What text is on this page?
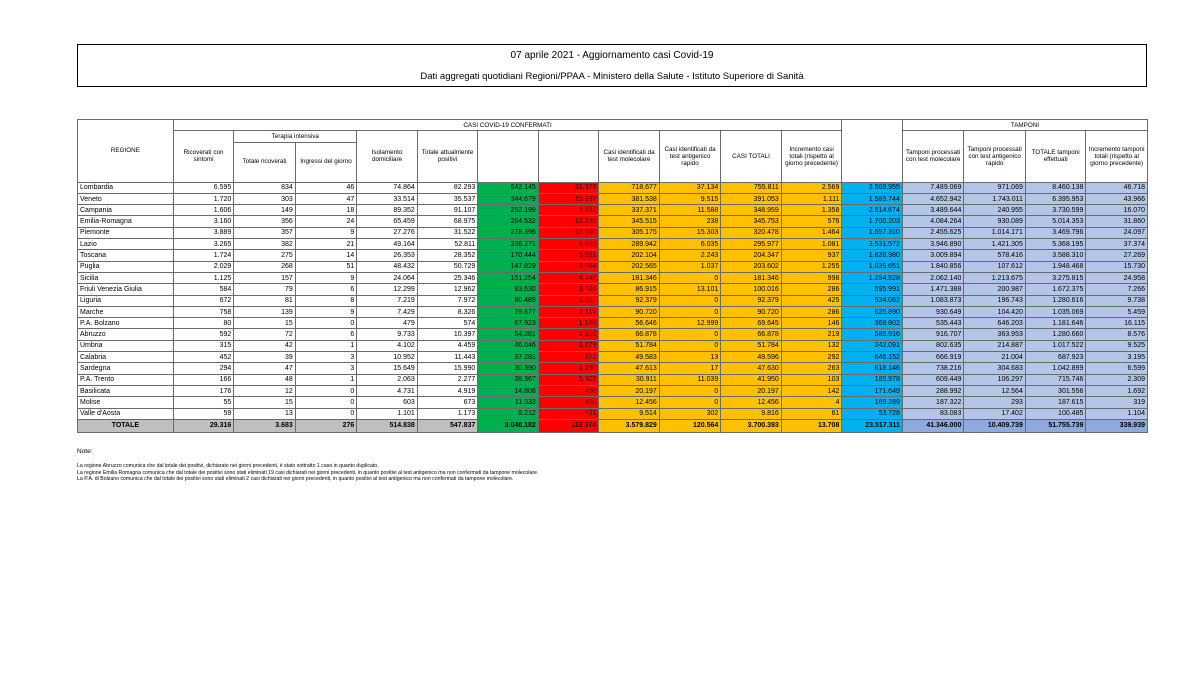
07 aprile 2021 - Aggiornamento casi Covid-19
Dati aggregati quotidiani Regioni/PPAA - Ministero della Salute - Istituto Superiore di Sanità
REGIONE	CASI COVID-19 CONFERMATI											Totale persone testate	TAMPONI			
	Ricoverati con sintomi	Terapia intensiva		Isolamento domiciliare	Totale attualmente positivi	DIMESSI GUARITI	DECEDUTI	Casi identificati da test molecolare	Casi identificati da test antigenico rapido	CASI TOTALI	Incremento casi totali (rispetto al giorno precedente)		Tamponi processati con test molecolare	Tamponi processati con test antigenico rapido	TOTALE tamponi effettuati	Incremento tamponi totali (rispetto al giorno precedente)
		Totale ricoverati	Ingressi del giorno													
Lombardia	6.595	834	46	74.864	82.293	642.145	31.373	718.677	37.134	755.811	2.569	3.568.955	7.489.069	971.069	8.460.138	46.718
Veneto	1.720	303	47	33.514	35.537	344.679	10.837	381.538	9.515	391.053	1.111	1.585.744	4.652.942	1.743.011	6.395.953	43.966
Campania	1.606	149	18	89.352	91.107	252.199	5.653	337.371	11.588	348.959	1.358	2.514.674	3.489.644	240.955	3.730.599	16.070
Emilia-Romagna	3.160	356	24	65.459	68.975	264.532	12.246	345.515	238	345.753	576	1.700.203	4.084.264	930.089	5.014.353	31.860
Piemonte	3.889	357	9	27.276	31.522	278.396	10.560	305.175	15.303	320.478	1.464	1.557.310	2.455.625	1.014.171	3.469.796	24.097
Lazio	3.265	382	21	49.164	52.811	236.271	6.895	289.942	6.035	295.977	1.081	3.531.572	3.946.890	1.421.305	5.368.195	37.374
Toscana	1.724	275	14	26.353	28.352	170.444	5.551	202.104	2.243	204.347	937	1.826.980	3.009.894	578.416	3.588.310	27.269
Puglia	2.029	268	51	48.432	50.729	147.829	5.044	202.565	1.037	203.602	1.255	1.039.651	1.840.856	107.612	1.948.468	15.730
Sicilia	1.125	157	9	24.064	25.346	151.254	4.746	181.346	0	181.346	998	1.294.528	2.062.140	1.213.675	3.275.815	24.958
Friuli Venezia Giulia	584	79	6	12.299	12.962	83.630	3.424	86.915	13.101	100.016	286	595.991	1.471.388	200.987	1.672.375	7.266
Liguria	672	81	8	7.219	7.972	80.485	3.922	92.379	0	92.379	425	534.062	1.083.873	196.743	1.280.616	9.738
Marche	758	139	9	7.429	8.326	79.677	2.717	90.720	0	90.720	286	625.890	930.649	104.420	1.035.069	5.459
P.A. Bolzano	80	15	0	479	574	67.923	1.148	56.646	12.999	69.645	146	368.802	535.443	646.203	1.181.646	16.115
Abruzzo	592	72	6	9.733	10.397	54.281	2.200	66.878	0	66.878	219	585.916	916.707	363.953	1.280.660	8.576
Umbria	315	42	1	4.102	4.459	46.046	1.279	51.784	0	51.784	132	342.091	802.635	214.887	1.017.522	9.525
Calabria	452	39	3	10.952	11.443	37.281	872	49.583	13	49.596	292	646.152	666.919	21.004	687.923	3.195
Sardegna	294	47	3	15.649	15.990	30.390	1.250	47.613	17	47.630	263	618.146	738.216	304.683	1.042.899	6.599
P.A. Trento	166	48	1	2.063	2.277	38.367	1.306	30.911	11.039	41.950	103	185.978	609.449	106.297	715.746	2.309
Basilicata	176	12	0	4.731	4.919	14.808	470	20.197	0	20.197	142	171.649	288.992	12.564	301.556	1.692
Molise	55	15	0	603	673	11.333	450	12.456	0	12.456	4	169.289	187.322	293	187.615	319
Valle d'Aosta	59	13	0	1.101	1.173	8.212	431	9.514	302	9.816	61	53.728	83.083	17.402	100.485	1.104
TOTALE	29.316	3.683	276	514.838	547.837	3.040.182	112.374	3.579.829	120.564	3.700.393	13.708	23.517.311	41.346.000	10.409.739	51.755.739	339.939
Note:
La regione Abruzzo comunica che dal totale dei positivi, dichiarato nei giorni precedenti, è stato sottratto 1 caso in quanto duplicato.
La regione Emilia Romagna comunica che dal totale dei positivi sono stati eliminati 19 casi dichiarati nei giorni precedenti, in quanto positivi al test antigenico ma non confermati da tampone molecolare.
La P.A. di Bolzano comunica che dal totale dei positivi sono stati eliminati 2 casi dichiarati nei giorni precedenti, in quanto positivi al test antigenico ma non confermati da tampone molecolare.
